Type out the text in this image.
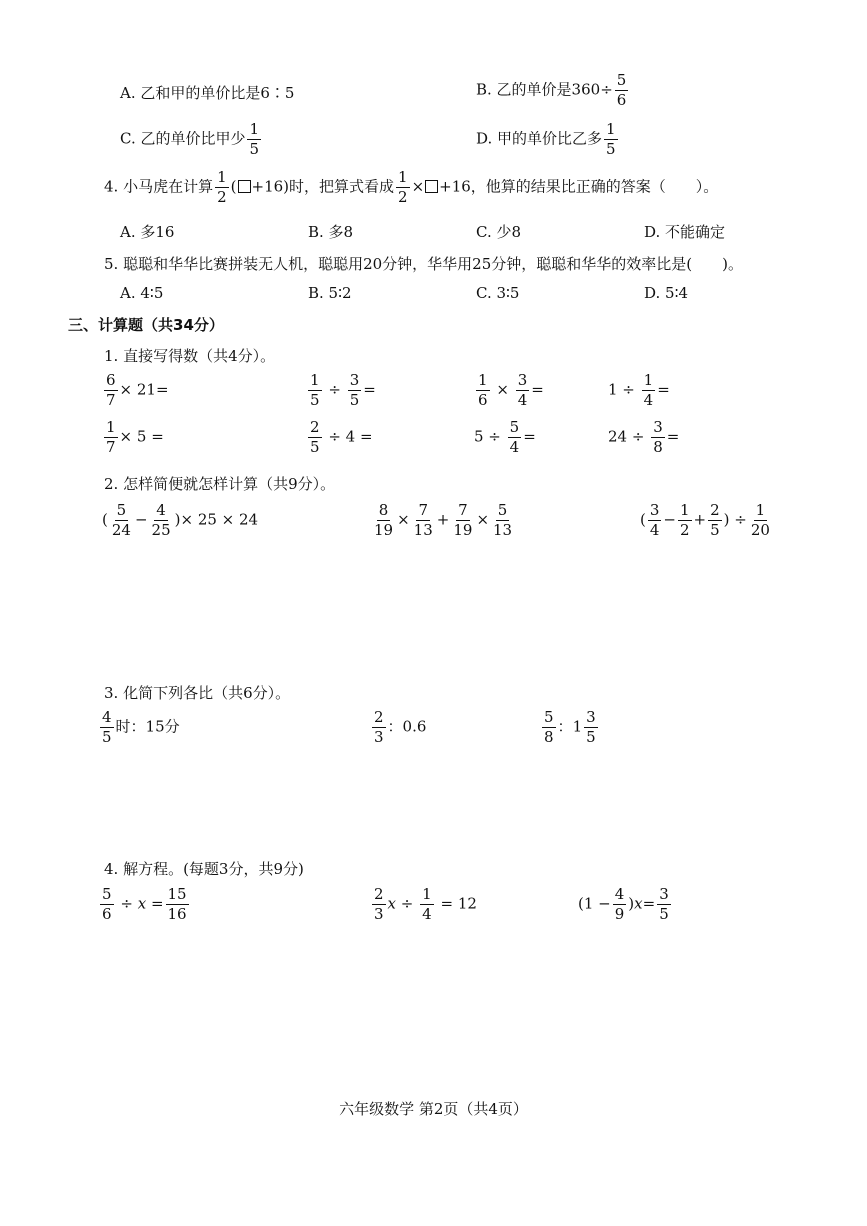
A. 乙和甲的单价比是6∶5	B. 乙的单价是$360\div \frac{5}{6}$
C. 乙的单价比甲少 $\frac{1}{5}$	D. 甲的单价比乙多 $\frac{1}{5}$
4. 小马虎在计算 $\frac{1}{2}$ ( +16)时，把算式看成 $\frac{1}{2} \times +16$，他算的结果比正确的答案（　　）。
A. 多16	B. 多8	C. 少8	D. 不能确定
5. 聪聪和华华比赛拼装无人机，聪聪用20分钟，华华用25分钟，聪聪和华华的效率比是(　　)。
A. 4∶5	B. 5∶2	C. 3∶5	D. 5∶4
三、计算题（共34分）
1. 直接写得数（共4分）。
$\frac{6}{7} \times 21=$	$\frac{1}{5} \div \frac{3}{5}$ =	$\frac{1}{6} \times \frac{3}{4}$ =	$1 \div \frac{1}{4}$ =
$\frac{1}{7} \times 5$ =	$\frac{2}{5} \div 4$ =	$5 \div \frac{5}{4}$ =	$24 \div \frac{3}{8}$ =
2. 怎样简便就怎样计算（共9分）。
( $\frac{5}{24} - \frac{4}{25}$ )× 25 × 24	$\frac{8}{19} \times \frac{7}{13} + \frac{7}{19} \times \frac{5}{13}$	( $\frac{3}{4} - \frac{1}{2} + \frac{2}{5}$ ) ÷ $\frac{1}{20}$
3. 化简下列各比（共6分）。
$\frac{4}{5}$ 时：15分	$\frac{2}{3}$ ：0.6	$\frac{5}{8}$ ：$1 \frac{3}{5}$
4. 解方程。(每题3分，共9分)
$\frac{5}{6} \div x = \frac{15}{16}$	$\frac{2}{3}$ $x \div \frac{1}{4} = 12$	$(1 - \frac{4}{9} )x= \frac{3}{5}$
六年级数学 第2页（共4页）
